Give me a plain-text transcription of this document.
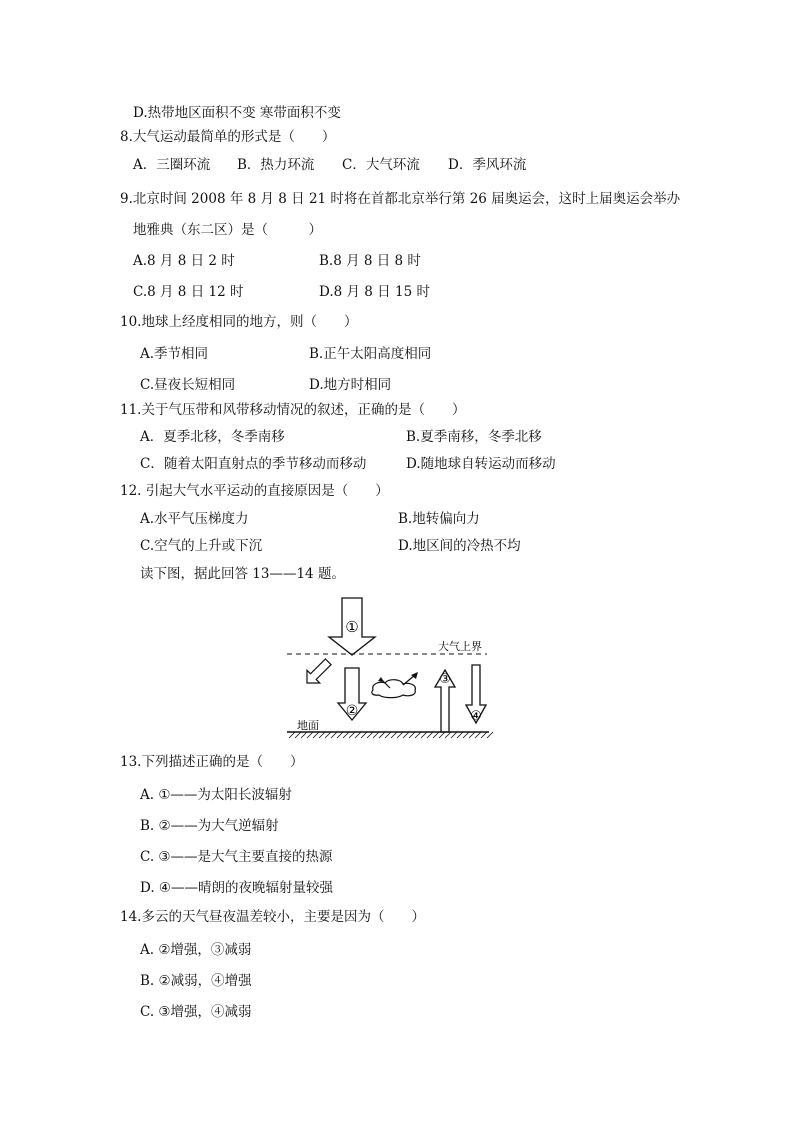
D.热带地区面积不变 寒带面积不变
8.大气运动最简单的形式是（　　）
A．三圈环流 B．热力环流 C．大气环流 D．季风环流
9.北京时间 2008 年 8 月 8 日 21 时将在首都北京举行第 26 届奥运会，这时上届奥运会举办
地雅典（东二区）是（　　　）
A.8 月 8 日 2 时	B.8 月 8 日 8 时
C.8 月 8 日 12 时	D.8 月 8 日 15 时
10.地球上经度相同的地方，则（　　）
A.季节相同	B.正午太阳高度相同
C.昼夜长短相同	D.地方时相同
11.关于气压带和风带移动情况的叙述，正确的是（　　）
A．夏季北移，冬季南移	B.夏季南移，冬季北移
C．随着太阳直射点的季节移动而移动	D.随地球自转运动而移动
12. 引起大气水平运动的直接原因是（　　）
A.水平气压梯度力	B.地转偏向力
C.空气的上升或下沉	D.地区间的冷热不均
读下图，据此回答 13——14 题。
①
大气上界
②
③
④
地面
13.下列描述正确的是（　　）
A. ①——为太阳长波辐射
B. ②——为大气逆辐射
C. ③——是大气主要直接的热源
D. ④——晴朗的夜晚辐射量较强
14.多云的天气昼夜温差较小，主要是因为（　　）
A. ②增强，③减弱
B. ②减弱，④增强
C. ③增强，④减弱
